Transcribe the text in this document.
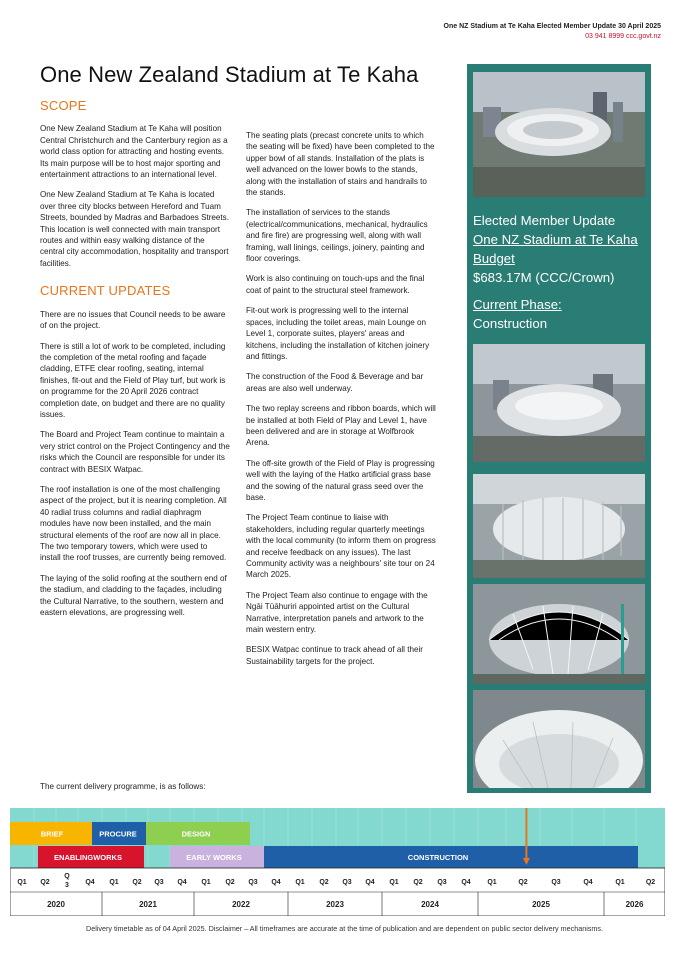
One NZ Stadium at Te Kaha Elected Member Update 30 April 2025
03 941 8999 ccc.govt.nz
One New Zealand Stadium at Te Kaha
SCOPE

One New Zealand Stadium at Te Kaha will position Central Christchurch and the Canterbury region as a world class option for attracting and hosting events. Its main purpose will be to host major sporting and entertainment attractions to an international level.

One New Zealand Stadium at Te Kaha is located over three city blocks between Hereford and Tuam Streets, bounded by Madras and Barbadoes Streets. This location is well connected with main transport routes and within easy walking distance of the central city accommodation, hospitality and transport facilities.

CURRENT UPDATES

There are no issues that Council needs to be aware of on the project.

There is still a lot of work to be completed, including the completion of the metal roofing and façade cladding, ETFE clear roofing, seating, internal finishes, fit-out and the Field of Play turf, but work is on programme for the 20 April 2026 contract completion date, on budget and there are no quality issues.

The Board and Project Team continue to maintain a very strict control on the Project Contingency and the risks which the Council are responsible for under its contract with BESIX Watpac.

The roof installation is one of the most challenging aspect of the project, but it is nearing completion. All 40 radial truss columns and radial diaphragm modules have now been installed, and the main structural elements of the roof are now all in place. The two temporary towers, which were used to install the roof trusses, are currently being removed.

The laying of the solid roofing at the southern end of the stadium, and cladding to the façades, including the Cultural Narrative, to the southern, western and eastern elevations, are progressing well.

The seating plats (precast concrete units to which the seating will be fixed) have been completed to the upper bowl of all stands. Installation of the plats is well advanced on the lower bowls to the stands, along with the installation of stairs and handrails to the stands.

The installation of services to the stands (electrical/communications, mechanical, hydraulics and fire fire) are progressing well, along with wall framing, wall linings, ceilings, joinery, painting and floor coverings.

Work is also continuing on touch-ups and the final coat of paint to the structural steel framework.

Fit-out work is progressing well to the internal spaces, including the toilet areas, main Lounge on Level 1, corporate suites, players' areas and kitchens, including the installation of kitchen joinery and fittings.

The construction of the Food & Beverage and bar areas are also well underway.

The two replay screens and ribbon boards, which will be installed at both Field of Play and Level 1, have been delivered and are in storage at Wolfbrook Arena.

The off-site growth of the Field of Play is progressing well with the laying of the Hatko artificial grass base and the sowing of the natural grass seed over the base.

The Project Team continue to liaise with stakeholders, including regular quarterly meetings with the local community (to inform them on progress and receive feedback on any issues). The last Community activity was a neighbours' site tour on 24 March 2025.

The Project Team also continue to engage with the Ngāi Tūāhuriri appointed artist on the Cultural Narrative, interpretation panels and artwork to the main western entry.

BESIX Watpac continue to track ahead of all their Sustainability targets for the project.

Elected Member Update
One NZ Stadium at Te Kaha Budget
$683.17M (CCC/Crown)
Current Phase:
Construction
The current delivery programme, is as follows:
BRIEF	PROCURE	DESIGN
ENABLINGWORKS	EARLY WORKS	CONSTRUCTION
Q1 Q2
Q
3 Q4 Q1 Q2 Q3 Q4 Q1 Q2 Q3 Q4 Q1 Q2 Q3 Q4 Q1 Q2 Q3 Q4 Q1	Q2	Q3	Q4	Q1	Q2
2020	2021	2022	2023	2024	2025	2026
Delivery timetable as of 04 April 2025. Disclaimer – All timeframes are accurate at the time of publication and are dependent on public sector delivery mechanisms.
